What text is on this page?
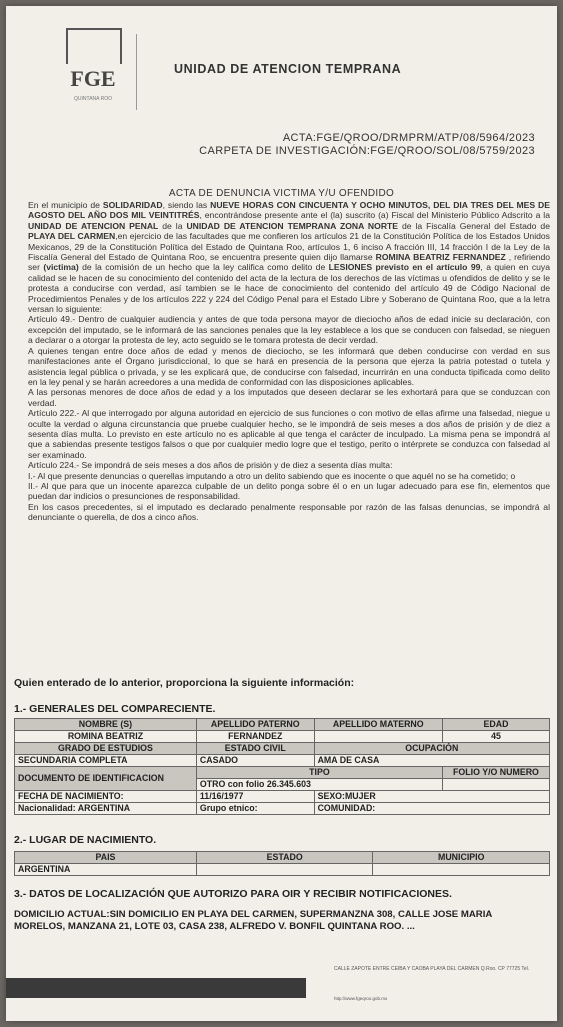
FGE
QUINTANA ROO
UNIDAD DE ATENCION TEMPRANA
ACTA:FGE/QROO/DRMPRM/ATP/08/5964/2023
CARPETA DE INVESTIGACIÓN:FGE/QROO/SOL/08/5759/2023
ACTA DE DENUNCIA VICTIMA Y/U OFENDIDO

En el municipio de SOLIDARIDAD, siendo las NUEVE HORAS CON CINCUENTA Y OCHO MINUTOS, DEL DIA TRES DEL MES DE AGOSTO DEL AÑO DOS MIL VEINTITRÉS, encontrándose presente ante el (la) suscrito (a) Fiscal del Ministerio Público Adscrito a la UNIDAD DE ATENCION PENAL de la UNIDAD DE ATENCION TEMPRANA ZONA NORTE de la Fiscalía General del Estado de PLAYA DEL CARMEN,en ejercicio de las facultades que me confieren los artículos 21 de la Constitución Política de los Estados Unidos Mexicanos, 29 de la Constitución Política del Estado de Quintana Roo, artículos 1, 6 inciso A fracción III, 14 fracción I de la Ley de la Fiscalía General del Estado de Quintana Roo, se encuentra presente quien dijo llamarse ROMINA BEATRIZ FERNANDEZ , refiriendo ser (victima) de la comisión de un hecho que la ley califica como delito de LESIONES previsto en el artículo 99, a quien en cuya calidad se le hacen de su conocimiento del contenido del acta de la lectura de los derechos de las víctimas u ofendidos de delito y se le protesta a conducirse con verdad, así tambien se le hace de conocimiento del contenido del artículo 49 de Código Nacional de Procedimientos Penales y de los artículos 222 y 224 del Código Penal para el Estado Libre y Soberano de Quintana Roo, que a la letra versan lo siguiente:

Artículo 49.- Dentro de cualquier audiencia y antes de que toda persona mayor de dieciocho años de edad inicie su declaración, con excepción del imputado, se le informará de las sanciones penales que la ley establece a los que se conducen con falsedad, se nieguen a declarar o a otorgar la protesta de ley, acto seguido se le tomara protesta de decir verdad.

A quienes tengan entre doce años de edad y menos de dieciocho, se les informará que deben conducirse con verdad en sus manifestaciones ante el Órgano jurisdiccional, lo que se hará en presencia de la persona que ejerza la patria potestad o tutela y asistencia legal pública o privada, y se les explicará que, de conducirse con falsedad, incurrirán en una conducta tipificada como delito en la ley penal y se harán acreedores a una medida de conformidad con las disposiciones aplicables.

A las personas menores de doce años de edad y a los imputados que deseen declarar se les exhortará para que se conduzcan con verdad.

Artículo 222.- Al que interrogado por alguna autoridad en ejercicio de sus funciones o con motivo de ellas afirme una falsedad, niegue u oculte la verdad o alguna circunstancia que pruebe cualquier hecho, se le impondrá de seis meses a dos años de prisión y de diez a sesenta días multa. Lo previsto en este artículo no es aplicable al que tenga el carácter de inculpado. La misma pena se impondrá al que a sabiendas presente testigos falsos o que por cualquier medio logre que el testigo, perito o intérprete se conduzca con falsedad al ser examinado.

Artículo 224.- Se impondrá de seis meses a dos años de prisión y de diez a sesenta días multa:

I.- Al que presente denuncias o querellas imputando a otro un delito sabiendo que es inocente o que aquél no se ha cometido; o

II.- Al que para que un inocente aparezca culpable de un delito ponga sobre él o en un lugar adecuado para ese fin, elementos que puedan dar indicios o presunciones de responsabilidad.

En los casos precedentes, si el imputado es declarado penalmente responsable por razón de las falsas denuncias, se impondrá al denunciante o querella, de dos a cinco años.

Quien enterado de lo anterior, proporciona la siguiente información:
1.- GENERALES DEL COMPARECIENTE.
NOMBRE (S)	APELLIDO PATERNO	APELLIDO MATERNO	EDAD
ROMINA BEATRIZ	FERNANDEZ		45
GRADO DE ESTUDIOS	ESTADO CIVIL	OCUPACIÓN	
SECUNDARIA COMPLETA	CASADO	AMA DE CASA	
DOCUMENTO DE IDENTIFICACION	TIPO		FOLIO Y/O NUMERO
	OTRO con folio 26.345.603		
FECHA DE NACIMIENTO:	11/16/1977	SEXO:MUJER	
Nacionalidad: ARGENTINA	Grupo etnico:	COMUNIDAD:	
2.- LUGAR DE NACIMIENTO.
PAIS	ESTADO	MUNICIPIO
ARGENTINA		
3.- DATOS DE LOCALIZACIÓN QUE AUTORIZO PARA OIR Y RECIBIR NOTIFICACIONES.
DOMICILIO ACTUAL:SIN DOMICILIO EN PLAYA DEL CARMEN, SUPERMANZNA 308, CALLE JOSE MARIA MORELOS, MANZANA 21, LOTE 03, CASA 238, ALFREDO V. BONFIL QUINTANA ROO. ...
CALLE ZAPOTE ENTRE CEIBA Y CAOBA PLAYA DEL CARMEN Q.Roo. CP 77725 Tel.
http://www.fgeqroo.gob.mx
